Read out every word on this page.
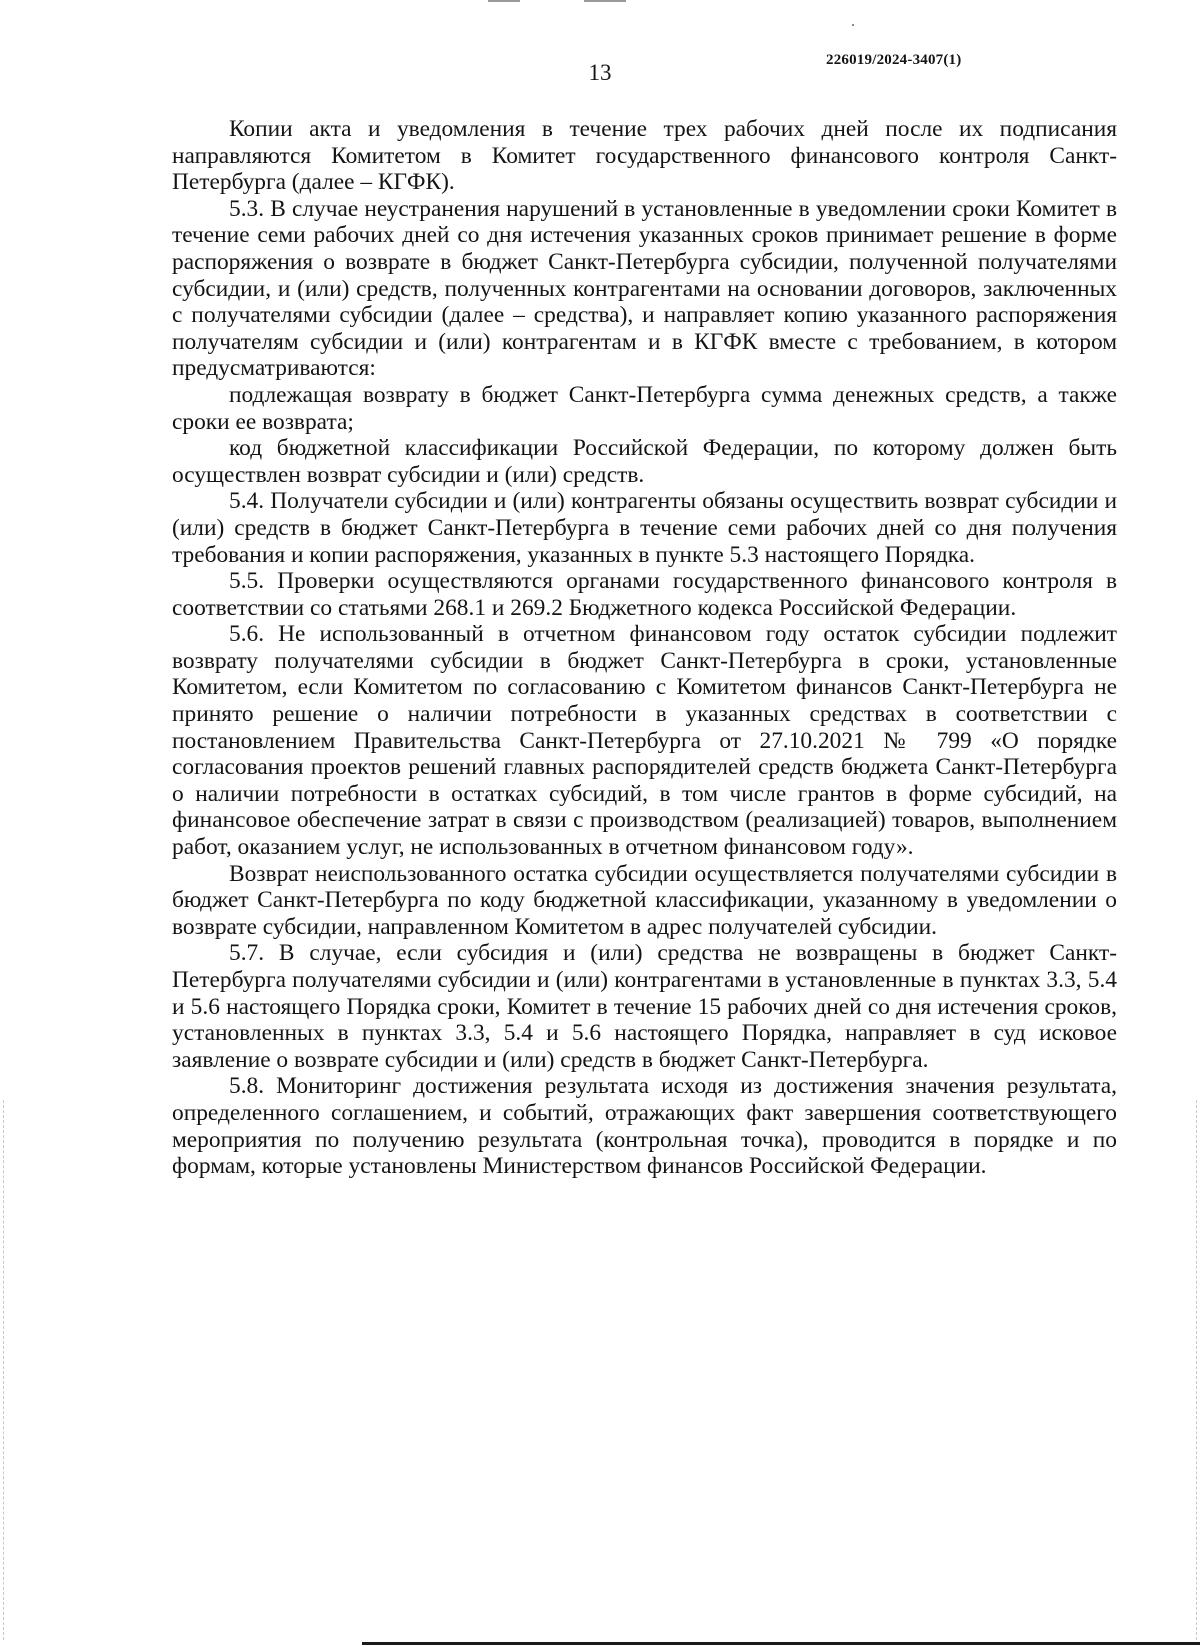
13	226019/2024-3407(1)

Копии акта и уведомления в течение трех рабочих дней после их подписания направляются Комитетом в Комитет государственного финансового контроля Санкт-Петербурга (далее – КГФК).

5.3. В случае неустранения нарушений в установленные в уведомлении сроки Комитет в течение семи рабочих дней со дня истечения указанных сроков принимает решение в форме распоряжения о возврате в бюджет Санкт-Петербурга субсидии, полученной получателями субсидии, и (или) средств, полученных контрагентами на основании договоров, заключенных с получателями субсидии (далее – средства), и направляет копию указанного распоряжения получателям субсидии и (или) контрагентам и в КГФК вместе с требованием, в котором предусматриваются:

подлежащая возврату в бюджет Санкт-Петербурга сумма денежных средств, а также сроки ее возврата;

код бюджетной классификации Российской Федерации, по которому должен быть осуществлен возврат субсидии и (или) средств.

5.4. Получатели субсидии и (или) контрагенты обязаны осуществить возврат субсидии и (или) средств в бюджет Санкт-Петербурга в течение семи рабочих дней со дня получения требования и копии распоряжения, указанных в пункте 5.3 настоящего Порядка.

5.5. Проверки осуществляются органами государственного финансового контроля в соответствии со статьями 268.1 и 269.2 Бюджетного кодекса Российской Федерации.

5.6. Не использованный в отчетном финансовом году остаток субсидии подлежит возврату получателями субсидии в бюджет Санкт-Петербурга в сроки, установленные Комитетом, если Комитетом по согласованию с Комитетом финансов Санкт-Петербурга не принято решение о наличии потребности в указанных средствах в соответствии с постановлением Правительства Санкт-Петербурга от 27.10.2021 № 799 «О порядке согласования проектов решений главных распорядителей средств бюджета Санкт-Петербурга о наличии потребности в остатках субсидий, в том числе грантов в форме субсидий, на финансовое обеспечение затрат в связи с производством (реализацией) товаров, выполнением работ, оказанием услуг, не использованных в отчетном финансовом году».

Возврат неиспользованного остатка субсидии осуществляется получателями субсидии в бюджет Санкт-Петербурга по коду бюджетной классификации, указанному в уведомлении о возврате субсидии, направленном Комитетом в адрес получателей субсидии.

5.7. В случае, если субсидия и (или) средства не возвращены в бюджет Санкт-Петербурга получателями субсидии и (или) контрагентами в установленные в пунктах 3.3, 5.4 и 5.6 настоящего Порядка сроки, Комитет в течение 15 рабочих дней со дня истечения сроков, установленных в пунктах 3.3, 5.4 и 5.6 настоящего Порядка, направляет в суд исковое заявление о возврате субсидии и (или) средств в бюджет Санкт-Петербурга.

5.8. Мониторинг достижения результата исходя из достижения значения результата, определенного соглашением, и событий, отражающих факт завершения соответствующего мероприятия по получению результата (контрольная точка), проводится в порядке и по формам, которые установлены Министерством финансов Российской Федерации.
